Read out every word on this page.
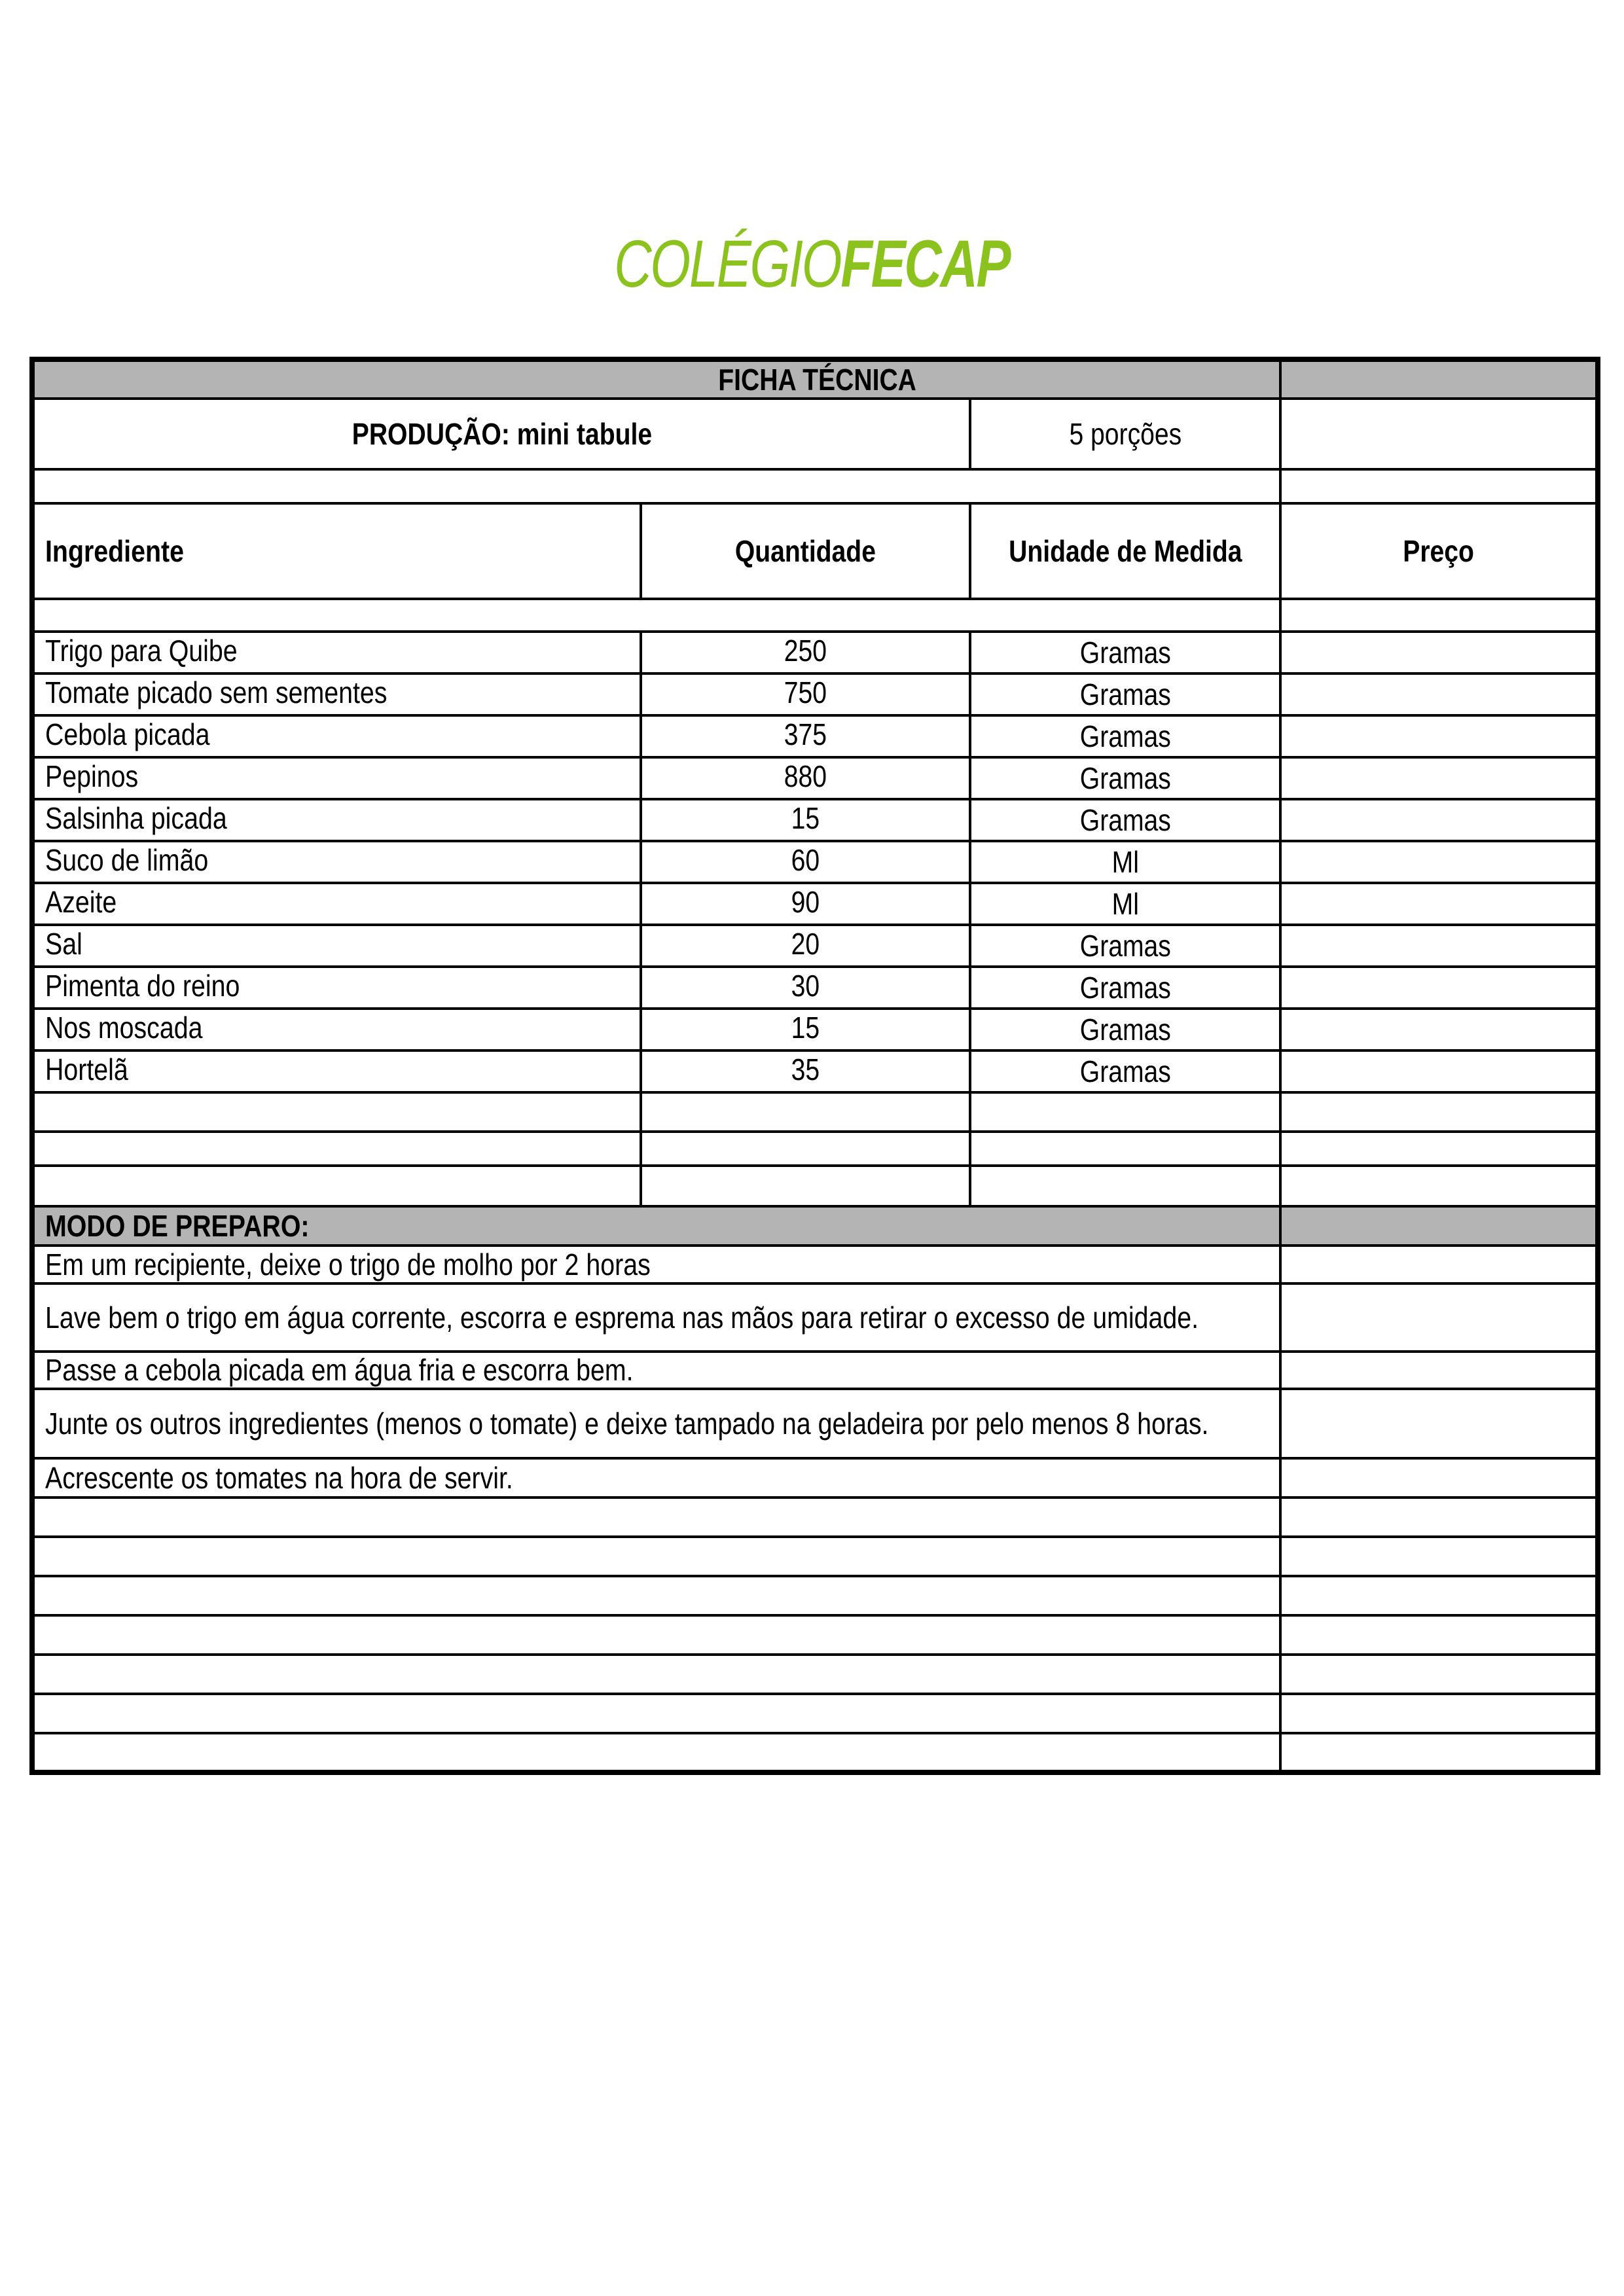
COLÉGIOFECAP
FICHA TÉCNICA			

PRODUÇÃO: mini tabule		5 porções	

Ingrediente	Quantidade	Unidade de Medida	Preço

Trigo para Quibe	250	Gramas	

Tomate picado sem sementes	750	Gramas	

Cebola picada	375	Gramas	

Pepinos	880	Gramas	

Salsinha picada	15	Gramas	

Suco de limão	60	Ml	

Azeite	90	Ml	

Sal	20	Gramas	

Pimenta do reino	30	Gramas	

Nos moscada	15	Gramas	

Hortelã	35	Gramas	

MODO DE PREPARO:			

Em um recipiente, deixe o trigo de molho por 2 horas			

Lave bem o trigo em água corrente, escorra e esprema nas mãos para retirar o excesso de umidade.			

Passe a cebola picada em água fria e escorra bem.			

Junte os outros ingredientes (menos o tomate) e deixe tampado na geladeira por pelo menos 8 horas.			

Acrescente os tomates na hora de servir.			
